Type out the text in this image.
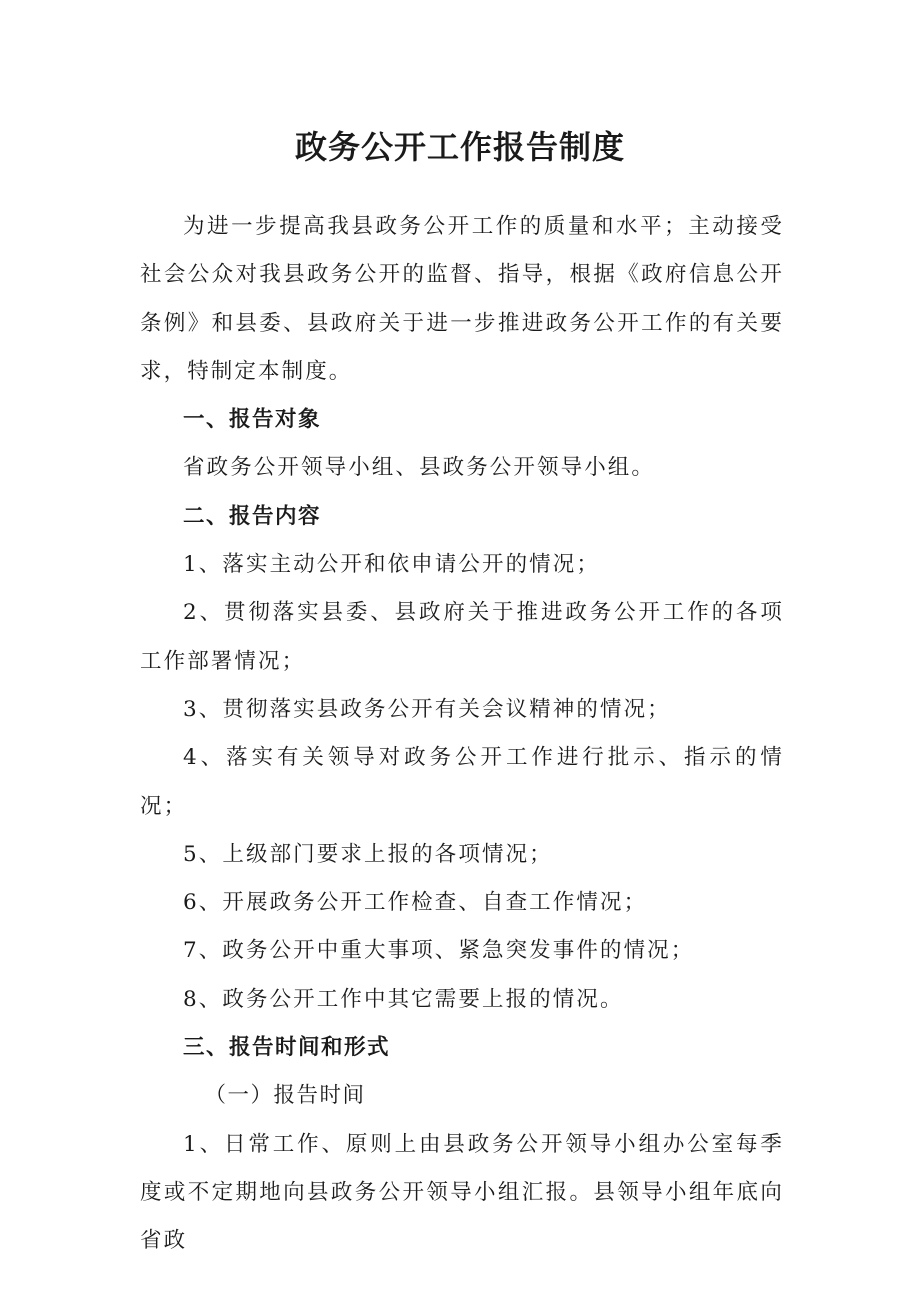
政务公开工作报告制度

为进一步提高我县政务公开工作的质量和水平；主动接受社会公众对我县政务公开的监督、指导，根据《政府信息公开条例》和县委、县政府关于进一步推进政务公开工作的有关要求，特制定本制度。

一、报告对象

省政务公开领导小组、县政务公开领导小组。

二、报告内容

1、落实主动公开和依申请公开的情况；

2、贯彻落实县委、县政府关于推进政务公开工作的各项工作部署情况；

3、贯彻落实县政务公开有关会议精神的情况；

4、落实有关领导对政务公开工作进行批示、指示的情况；

5、上级部门要求上报的各项情况；

6、开展政务公开工作检查、自查工作情况；

7、政务公开中重大事项、紧急突发事件的情况；

8、政务公开工作中其它需要上报的情况。

三、报告时间和形式

（一）报告时间

1、日常工作、原则上由县政务公开领导小组办公室每季度或不定期地向县政务公开领导小组汇报。县领导小组年底向省政
